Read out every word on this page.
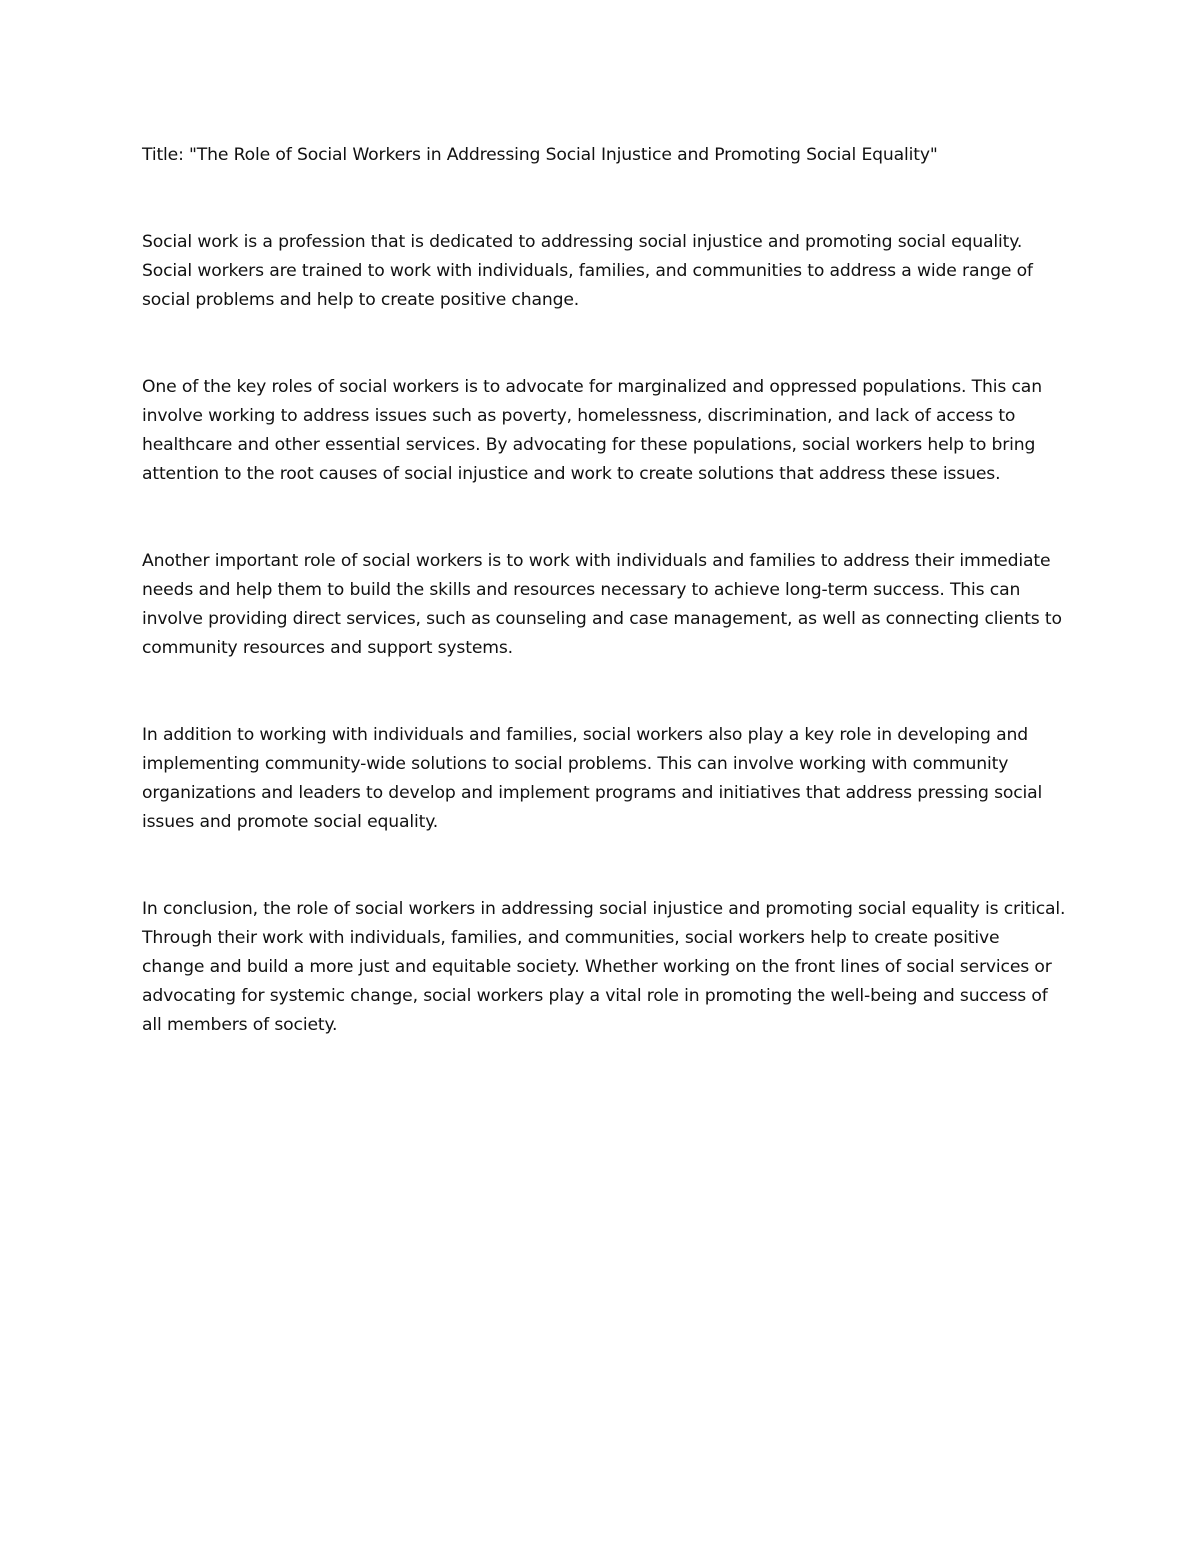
Title: "The Role of Social Workers in Addressing Social Injustice and Promoting Social Equality"

Social work is a profession that is dedicated to addressing social injustice and promoting social equality. Social workers are trained to work with individuals, families, and communities to address a wide range of social problems and help to create positive change.

One of the key roles of social workers is to advocate for marginalized and oppressed populations. This can involve working to address issues such as poverty, homelessness, discrimination, and lack of access to healthcare and other essential services. By advocating for these populations, social workers help to bring attention to the root causes of social injustice and work to create solutions that address these issues.

Another important role of social workers is to work with individuals and families to address their immediate needs and help them to build the skills and resources necessary to achieve long-term success. This can involve providing direct services, such as counseling and case management, as well as connecting clients to community resources and support systems.

In addition to working with individuals and families, social workers also play a key role in developing and implementing community-wide solutions to social problems. This can involve working with community organizations and leaders to develop and implement programs and initiatives that address pressing social issues and promote social equality.

In conclusion, the role of social workers in addressing social injustice and promoting social equality is critical. Through their work with individuals, families, and communities, social workers help to create positive change and build a more just and equitable society. Whether working on the front lines of social services or advocating for systemic change, social workers play a vital role in promoting the well-being and success of all members of society.
